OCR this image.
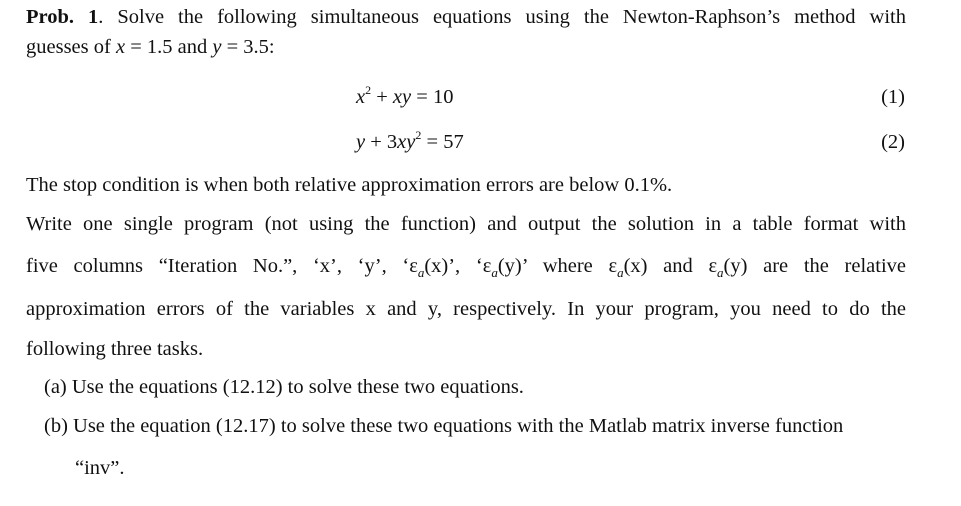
Prob. 1. Solve the following simultaneous equations using the Newton-Raphson’s method with
guesses of x = 1.5 and y = 3.5:
$x^2$ + xy = 10	(1)
$y + 3xy^2 = 57$	(2)
The stop condition is when both relative approximation errors are below 0.1%.
Write one single program (not using the function) and output the solution in a table format with
five columns “Iteration No.”, ‘x’, ‘y’, ‘$\varepsilon_a(x)$’, ‘$\varepsilon_a(y)$’ where $\varepsilon_a(x)$ and $\varepsilon_a(y)$ are the relative
approximation errors of the variables x and y, respectively. In your program, you need to do the
following three tasks.
(a) Use the equations (12.12) to solve these two equations.
(b) Use the equation (12.17) to solve these two equations with the Matlab matrix inverse function
“inv”.
